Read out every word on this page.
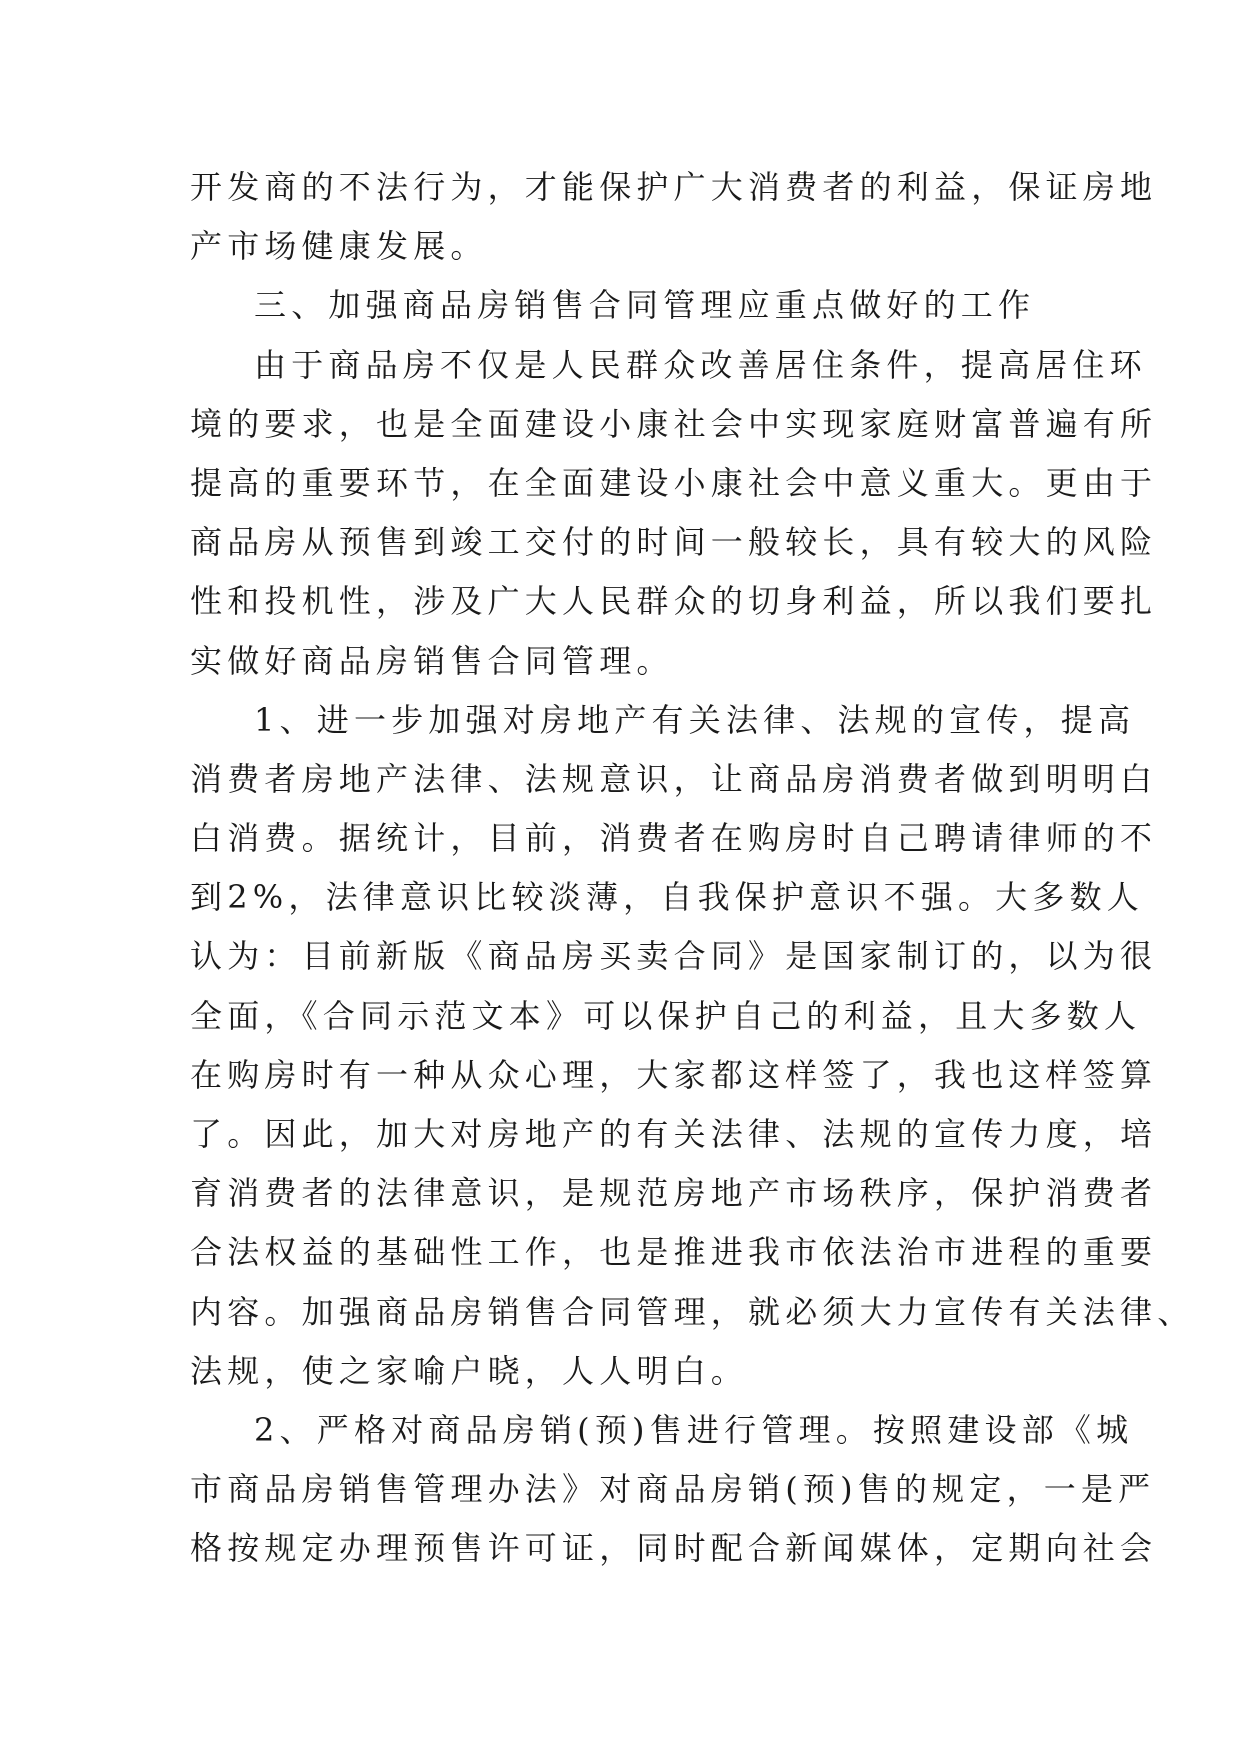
开发商的不法行为，才能保护广大消费者的利益，保证房地
产市场健康发展。
三、加强商品房销售合同管理应重点做好的工作
由于商品房不仅是人民群众改善居住条件，提高居住环
境的要求，也是全面建设小康社会中实现家庭财富普遍有所
提高的重要环节，在全面建设小康社会中意义重大。更由于
商品房从预售到竣工交付的时间一般较长，具有较大的风险
性和投机性，涉及广大人民群众的切身利益，所以我们要扎
实做好商品房销售合同管理。
1、进一步加强对房地产有关法律、法规的宣传，提高
消费者房地产法律、法规意识，让商品房消费者做到明明白
白消费。据统计，目前，消费者在购房时自己聘请律师的不
到2%，法律意识比较淡薄，自我保护意识不强。大多数人
认为：目前新版《商品房买卖合同》是国家制订的，以为很
全面，《合同示范文本》可以保护自己的利益，且大多数人
在购房时有一种从众心理，大家都这样签了，我也这样签算
了。因此，加大对房地产的有关法律、法规的宣传力度，培
育消费者的法律意识，是规范房地产市场秩序，保护消费者
合法权益的基础性工作，也是推进我市依法治市进程的重要
内容。加强商品房销售合同管理，就必须大力宣传有关法律、
法规，使之家喻户晓，人人明白。
2、严格对商品房销(预)售进行管理。按照建设部《城
市商品房销售管理办法》对商品房销(预)售的规定，一是严
格按规定办理预售许可证，同时配合新闻媒体，定期向社会
